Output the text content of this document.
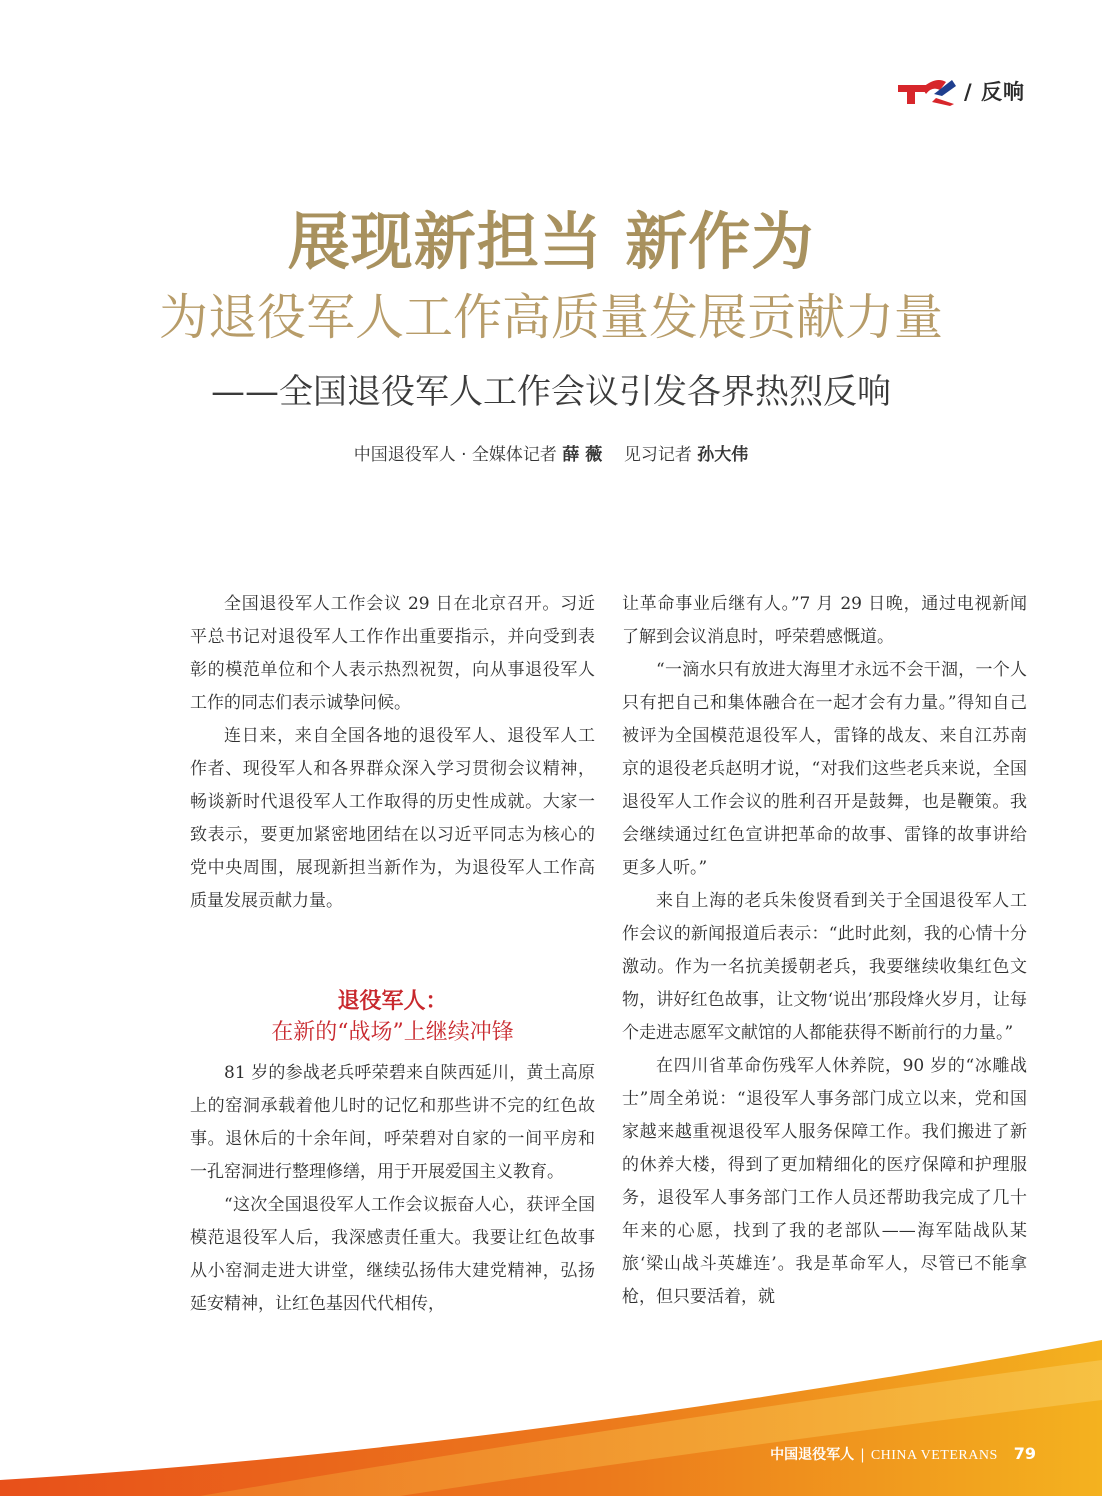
/ 反响
展现新担当 新作为
为退役军人工作高质量发展贡献力量
——全国退役军人工作会议引发各界热烈反响
中国退役军人 · 全媒体记者 薛 薇 见习记者 孙大伟

全国退役军人工作会议 29 日在北京召开。习近平总书记对退役军人工作作出重要指示，并向受到表彰的模范单位和个人表示热烈祝贺，向从事退役军人工作的同志们表示诚挚问候。

连日来，来自全国各地的退役军人、退役军人工作者、现役军人和各界群众深入学习贯彻会议精神，畅谈新时代退役军人工作取得的历史性成就。大家一致表示，要更加紧密地团结在以习近平同志为核心的党中央周围，展现新担当新作为，为退役军人工作高质量发展贡献力量。

退役军人：
在新的“战场”上继续冲锋

81 岁的参战老兵呼荣碧来自陕西延川，黄土高原上的窑洞承载着他儿时的记忆和那些讲不完的红色故事。退休后的十余年间，呼荣碧对自家的一间平房和一孔窑洞进行整理修缮，用于开展爱国主义教育。

“这次全国退役军人工作会议振奋人心，获评全国模范退役军人后，我深感责任重大。我要让红色故事从小窑洞走进大讲堂，继续弘扬伟大建党精神，弘扬延安精神，让红色基因代代相传，

让革命事业后继有人。”7 月 29 日晚，通过电视新闻了解到会议消息时，呼荣碧感慨道。

“一滴水只有放进大海里才永远不会干涸，一个人只有把自己和集体融合在一起才会有力量。”得知自己被评为全国模范退役军人，雷锋的战友、来自江苏南京的退役老兵赵明才说，“对我们这些老兵来说，全国退役军人工作会议的胜利召开是鼓舞，也是鞭策。我会继续通过红色宣讲把革命的故事、雷锋的故事讲给更多人听。”

来自上海的老兵朱俊贤看到关于全国退役军人工作会议的新闻报道后表示：“此时此刻，我的心情十分激动。作为一名抗美援朝老兵，我要继续收集红色文物，讲好红色故事，让文物‘说出’那段烽火岁月，让每个走进志愿军文献馆的人都能获得不断前行的力量。”

在四川省革命伤残军人休养院，90 岁的“冰雕战士”周全弟说：“退役军人事务部门成立以来，党和国家越来越重视退役军人服务保障工作。我们搬进了新的休养大楼，得到了更加精细化的医疗保障和护理服务，退役军人事务部门工作人员还帮助我完成了几十年来的心愿，找到了我的老部队——海军陆战队某旅‘梁山战斗英雄连’。我是革命军人，尽管已不能拿枪，但只要活着，就

中国退役军人 | CHINA VETERANS 79
